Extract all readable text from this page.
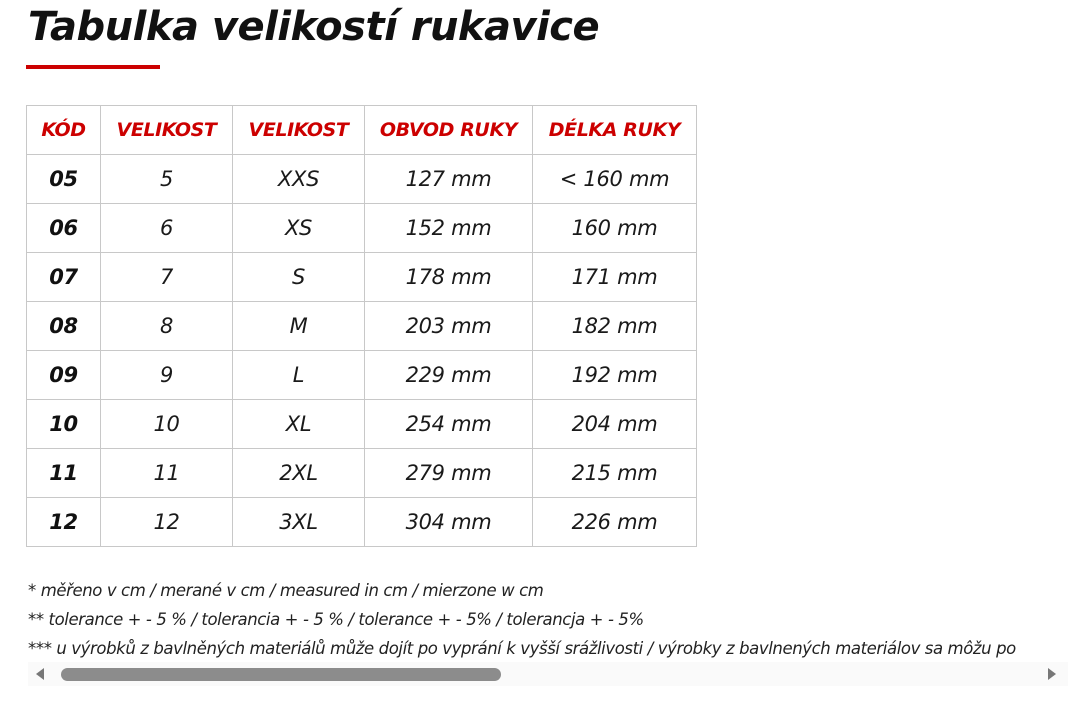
Tabulka velikostí rukavice
KÓD	VELIKOST	VELIKOST	OBVOD RUKY	DÉLKA RUKY
05	5	XXS	127 mm	< 160 mm
06	6	XS	152 mm	160 mm
07	7	S	178 mm	171 mm
08	8	M	203 mm	182 mm
09	9	L	229 mm	192 mm
10	10	XL	254 mm	204 mm
11	11	2XL	279 mm	215 mm
12	12	3XL	304 mm	226 mm
* měřeno v cm / merané v cm / measured in cm / mierzone w cm
** tolerance + - 5 % / tolerancia + - 5 % / tolerance + - 5% / tolerancja + - 5%
*** u výrobků z bavlněných materiálů může dojít po vyprání k vyšší srážlivosti / výrobky z bavlnených materiálov sa môžu po
